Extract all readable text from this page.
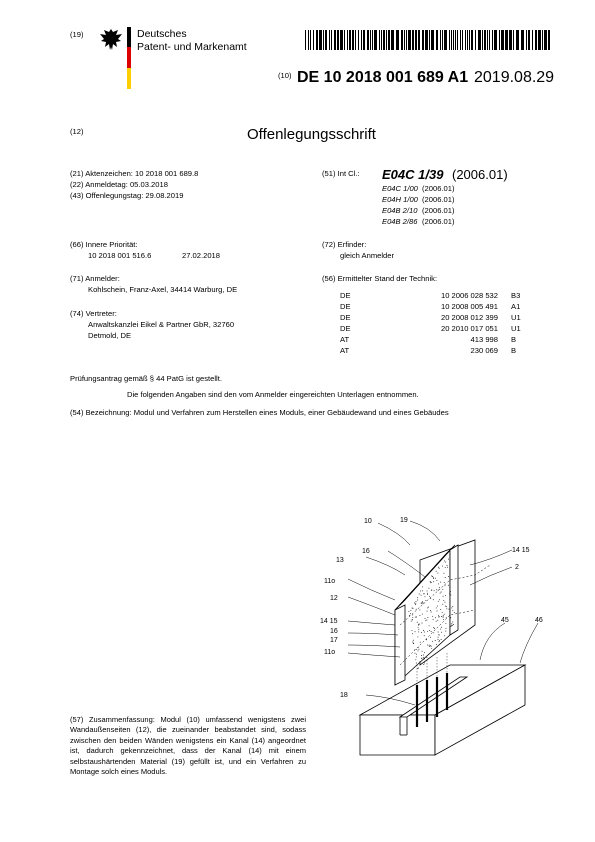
(19)	Deutsches
Patent- und Markenamt
(10) DE 10 2018 001 689 A1 2019.08.29
(12)	Offenlegungsschrift
(21) Aktenzeichen: 10 2018 001 689.8
(22) Anmeldetag: 05.03.2018
(43) Offenlegungstag: 29.08.2019
(51) Int Cl.: E04C 1/39 (2006.01)
E04C 1/00 (2006.01)
E04H 1/00 (2006.01)
E04B 2/10 (2006.01)
E04B 2/86 (2006.01)
(66) Innere Priorität:
10 2018 001 516.6	27.02.2018
(71) Anmelder:
Kohlschein, Franz-Axel, 34414 Warburg, DE
(74) Vertreter:
Anwaltskanzlei Eikel & Partner GbR, 32760
Detmold, DE
(72) Erfinder:
gleich Anmelder
(56) Ermittelter Stand der Technik:
DE	10 2006 028 532 B3
DE	10 2008 005 491 A1
DE	20 2008 012 399 U1
DE	20 2010 017 051 U1
AT	413 998 B
AT	230 069 B
Prüfungsantrag gemäß § 44 PatG ist gestellt.
Die folgenden Angaben sind den vom Anmelder eingereichten Unterlagen entnommen.
(54) Bezeichnung: Modul und Verfahren zum Herstellen eines Moduls, einer Gebäudewand und eines Gebäudes
(57) Zusammenfassung: Modul (10) umfassend wenigstens zwei Wandaußenseiten (12), die zueinander beabstandet sind, sodass zwischen den beiden Wänden wenigstens ein Kanal (14) angeordnet ist, dadurch gekennzeichnet, dass der Kanal (14) mit einem selbstaushärtenden Material (19) gefüllt ist, und ein Verfahren zu Montage solch eines Moduls.
10	19
13
16	14 15
2
11o
12
14 15
16
17
11o
45	46
18
